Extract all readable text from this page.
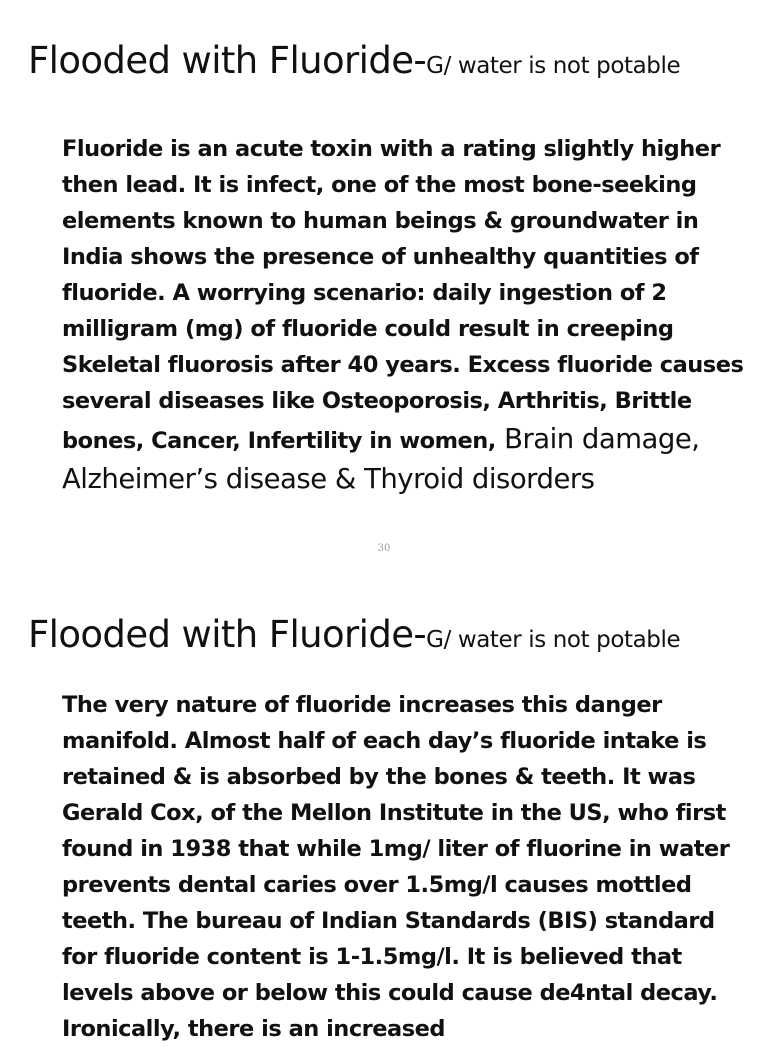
Flooded with Fluoride-G/ water is not potable

Fluoride is an acute toxin with a rating slightly higher then lead. It is infect, one of the most bone-seeking elements known to human beings & groundwater in India shows the presence of unhealthy quantities of fluoride. A worrying scenario: daily ingestion of 2 milligram (mg) of fluoride could result in creeping Skeletal fluorosis after 40 years. Excess fluoride causes several diseases like Osteoporosis, Arthritis, Brittle bones, Cancer, Infertility in women, Brain damage, Alzheimer’s disease & Thyroid disorders

30
Flooded with Fluoride-G/ water is not potable

The very nature of fluoride increases this danger manifold. Almost half of each day’s fluoride intake is retained & is absorbed by the bones & teeth. It was Gerald Cox, of the Mellon Institute in the US, who first found in 1938 that while 1mg/ liter of fluorine in water prevents dental caries over 1.5mg/l causes mottled teeth. The bureau of Indian Standards (BIS) standard for fluoride content is 1-1.5mg/l. It is believed that levels above or below this could cause de4ntal decay. Ironically, there is an increased
